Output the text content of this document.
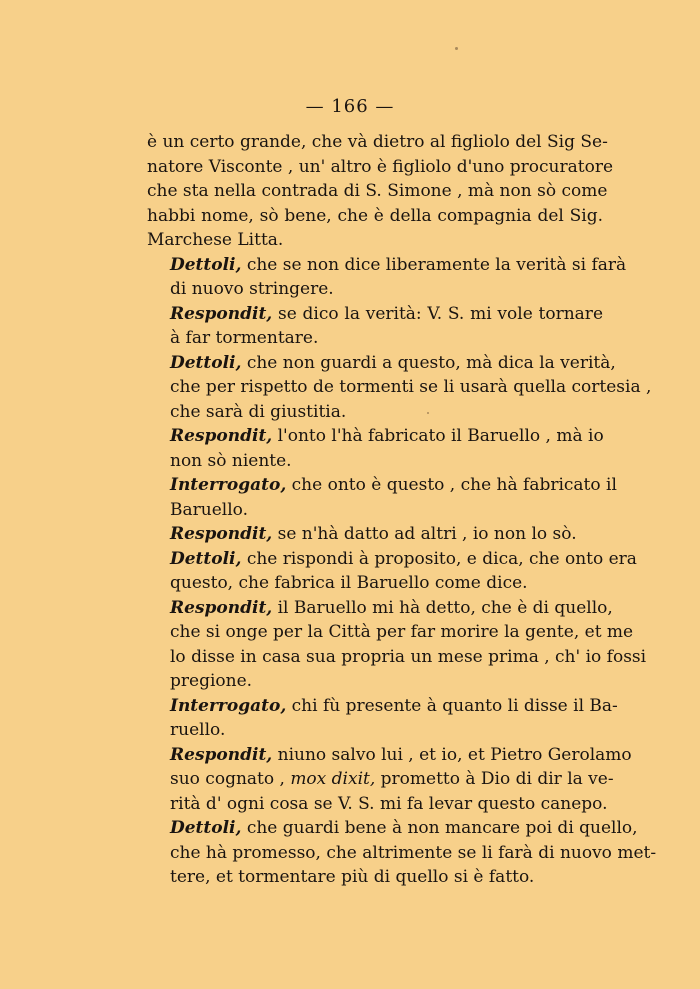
— 166 —

è un certo grande, che và dietro al figliolo del Sig Se-
natore Visconte , un' altro è figliolo d'uno procuratore
che sta nella contrada di S. Simone , mà non sò come
habbi nome, sò bene, che è della compagnia del Sig.
Marchese Litta.

Dettoli, che se non dice liberamente la verità si farà
di nuovo stringere.

Respondit, se dico la verità: V. S. mi vole tornare
à far tormentare.

Dettoli, che non guardi a questo, mà dica la verità,
che per rispetto de tormenti se li usarà quella cortesia ,
che sarà di giustitia.

Respondit, l'onto l'hà fabricato il Baruello , mà io
non sò niente.

Interrogato, che onto è questo , che hà fabricato il
Baruello.

Respondit, se n'hà datto ad altri , io non lo sò.

Dettoli, che rispondi à proposito, e dica, che onto era
questo, che fabrica il Baruello come dice.

Respondit, il Baruello mi hà detto, che è di quello,
che si onge per la Città per far morire la gente, et me
lo disse in casa sua propria un mese prima , ch' io fossi
pregione.

Interrogato, chi fù presente à quanto li disse il Ba-
ruello.

Respondit, niuno salvo lui , et io, et Pietro Gerolamo
suo cognato , mox dixit, prometto à Dio di dir la ve-
rità d' ogni cosa se V. S. mi fa levar questo canepo.

Dettoli, che guardi bene à non mancare poi di quello,
che hà promesso, che altrimente se li farà di nuovo met-
tere, et tormentare più di quello si è fatto.
